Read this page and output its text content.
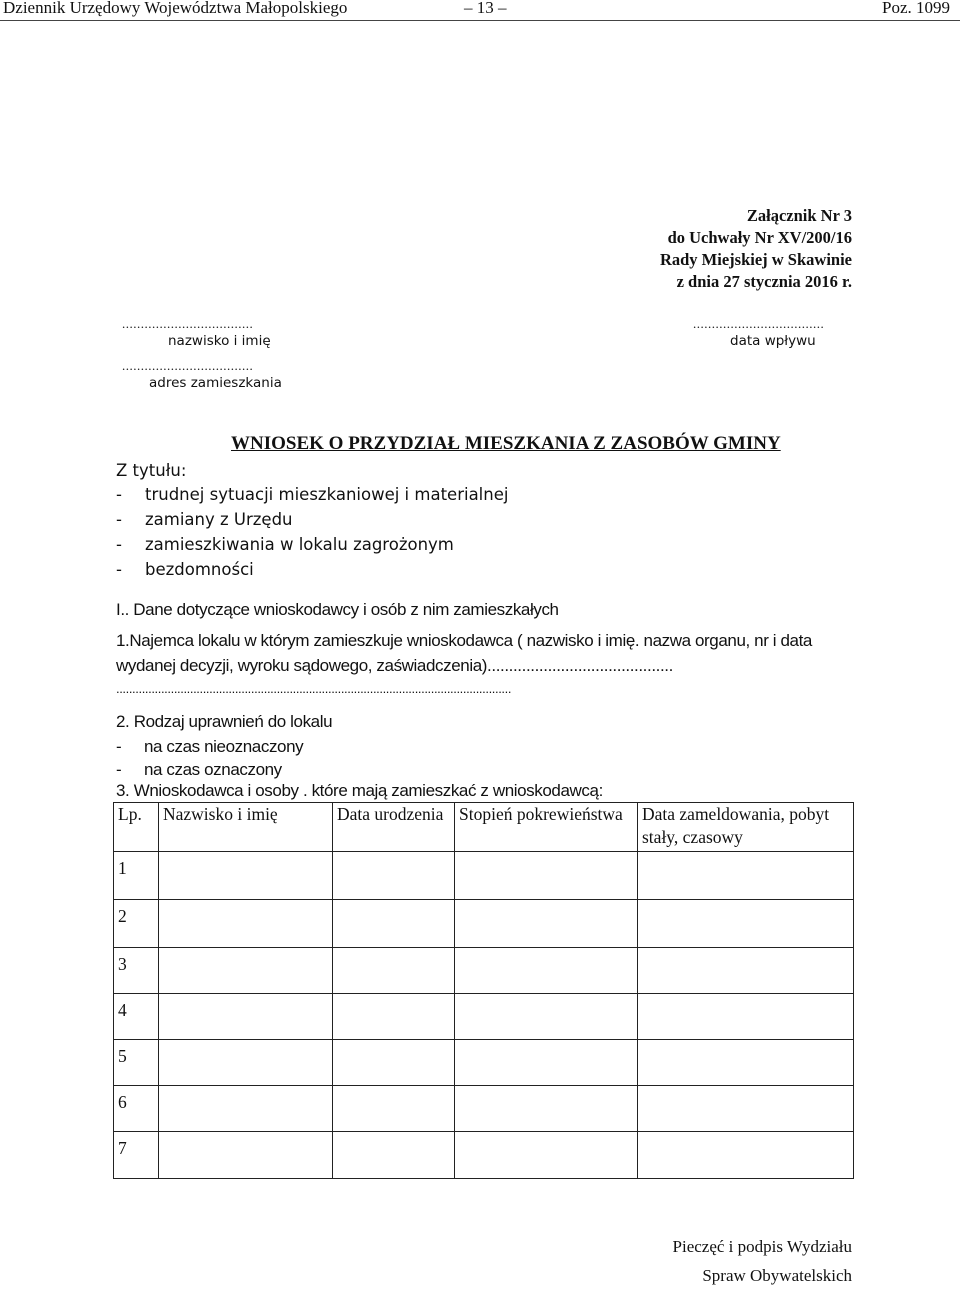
Dziennik Urzędowy Województwa Małopolskiego	– 13 –	Poz. 1099
Załącznik Nr 3
do Uchwały Nr XV/200/16
Rady Miejskiej w Skawinie
z dnia 27 stycznia 2016 r.
...................................
nazwisko i imię
...................................
adres zamieszkania
...................................
data wpływu
WNIOSEK O PRZYDZIAŁ MIESZKANIA Z ZASOBÓW GMINY
Z tytułu:
- trudnej sytuacji mieszkaniowej i materialnej
- zamiany z Urzędu
- zamieszkiwania w lokalu zagrożonym
- bezdomności
I.. Dane dotyczące wnioskodawcy i osób z nim zamieszkałych
1.Najemca lokalu w którym zamieszkuje wnioskodawca ( nazwisko i imię. nazwa organu, nr i data
wydanej decyzji, wyroku sądowego, zaświadczenia)...........................................
...........................................................................................................................
2. Rodzaj uprawnień do lokalu
- na czas nieoznaczony
- na czas oznaczony
3. Wnioskodawca i osoby . które mają zamieszkać z wnioskodawcą:
Lp.	Nazwisko i imię	Data urodzenia	Stopień pokrewieństwa	Data zameldowania, pobyt stały, czasowy
1				
2				
3				
4				
5				
6				
7				
Pieczęć i podpis Wydziału
Spraw Obywatelskich
